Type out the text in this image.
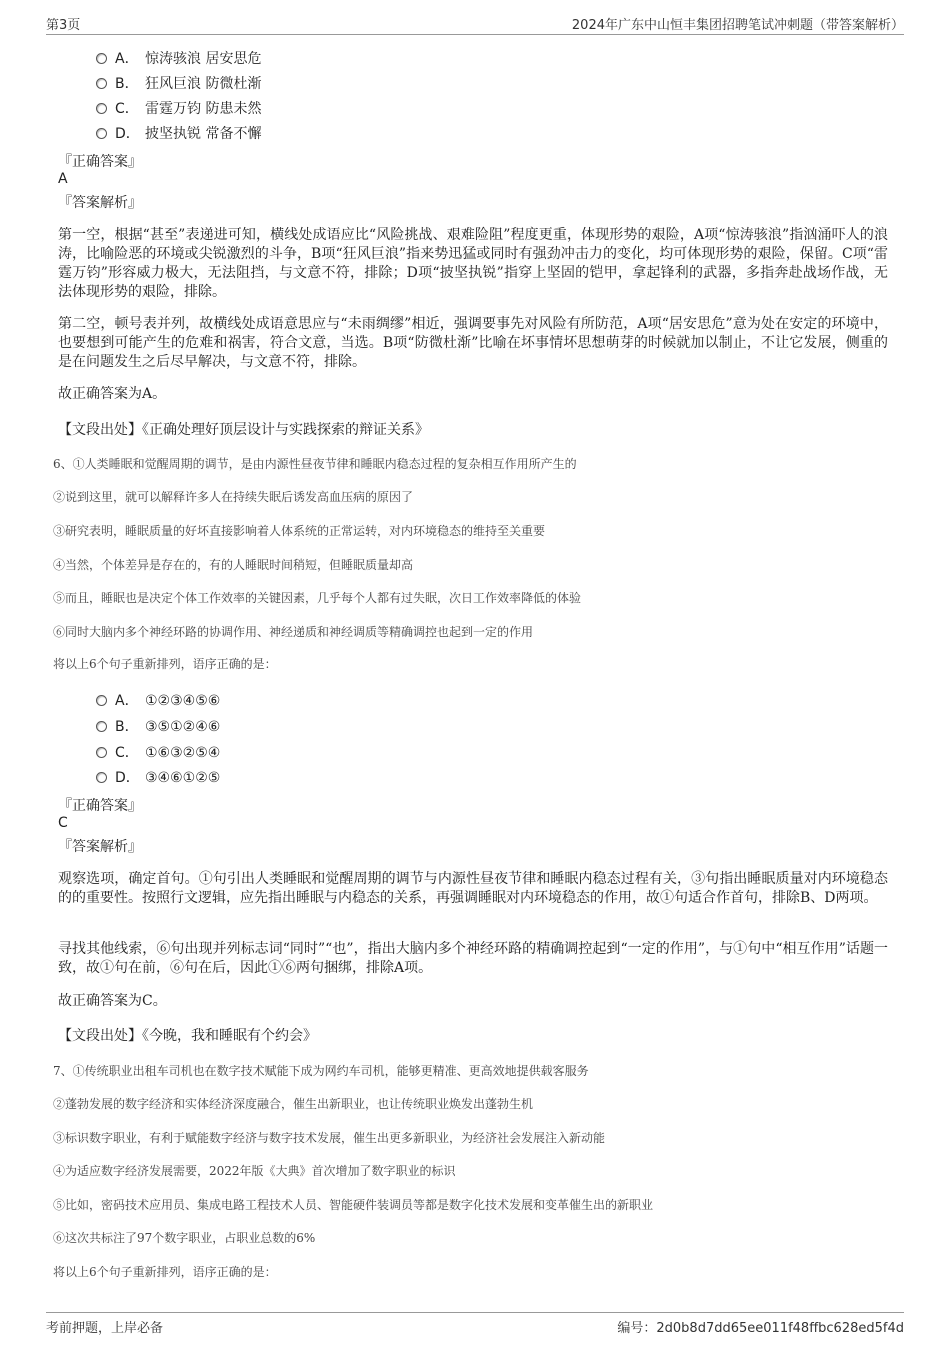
第3页	2024年广东中山恒丰集团招聘笔试冲刺题（带答案解析）
A． 惊涛骇浪 居安思危
B． 狂风巨浪 防微杜渐
C． 雷霆万钧 防患未然
D． 披坚执锐 常备不懈
『正确答案』
A
『答案解析』
第一空，根据“甚至”表递进可知，横线处成语应比“风险挑战、艰难险阻”程度更重，体现形势的艰险，A项“惊涛骇浪”指汹涌吓人的浪涛，比喻险恶的环境或尖锐激烈的斗争，B项“狂风巨浪”指来势迅猛或同时有强劲冲击力的变化，均可体现形势的艰险，保留。C项“雷霆万钧”形容威力极大，无法阻挡，与文意不符，排除；D项“披坚执锐”指穿上坚固的铠甲，拿起锋利的武器，多指奔赴战场作战，无法体现形势的艰险，排除。
第二空，顿号表并列，故横线处成语意思应与“未雨绸缪”相近，强调要事先对风险有所防范，A项“居安思危”意为处在安定的环境中，也要想到可能产生的危难和祸害，符合文意，当选。B项“防微杜渐”比喻在坏事情坏思想萌芽的时候就加以制止，不让它发展，侧重的是在问题发生之后尽早解决，与文意不符，排除。
故正确答案为A。
【文段出处】《正确处理好顶层设计与实践探索的辩证关系》
6、①人类睡眠和觉醒周期的调节，是由内源性昼夜节律和睡眠内稳态过程的复杂相互作用所产生的
②说到这里，就可以解释许多人在持续失眠后诱发高血压病的原因了
③研究表明，睡眠质量的好坏直接影响着人体系统的正常运转，对内环境稳态的维持至关重要
④当然，个体差异是存在的，有的人睡眠时间稍短，但睡眠质量却高
⑤而且，睡眠也是决定个体工作效率的关键因素，几乎每个人都有过失眠，次日工作效率降低的体验
⑥同时大脑内多个神经环路的协调作用、神经递质和神经调质等精确调控也起到一定的作用
将以上6个句子重新排列，语序正确的是：
A． ①②③④⑤⑥
B． ③⑤①②④⑥
C． ①⑥③②⑤④
D． ③④⑥①②⑤
『正确答案』
C
『答案解析』
观察选项，确定首句。①句引出人类睡眠和觉醒周期的调节与内源性昼夜节律和睡眠内稳态过程有关，③句指出睡眠质量对内环境稳态的的重要性。按照行文逻辑，应先指出睡眠与内稳态的关系，再强调睡眠对内环境稳态的作用，故①句适合作首句，排除B、D两项。
寻找其他线索，⑥句出现并列标志词“同时”“也”，指出大脑内多个神经环路的精确调控起到“一定的作用”，与①句中“相互作用”话题一致，故①句在前，⑥句在后，因此①⑥两句捆绑，排除A项。
故正确答案为C。
【文段出处】《今晚，我和睡眠有个约会》
7、①传统职业出租车司机也在数字技术赋能下成为网约车司机，能够更精准、更高效地提供载客服务
②蓬勃发展的数字经济和实体经济深度融合，催生出新职业，也让传统职业焕发出蓬勃生机
③标识数字职业，有利于赋能数字经济与数字技术发展，催生出更多新职业，为经济社会发展注入新动能
④为适应数字经济发展需要，2022年版《大典》首次增加了数字职业的标识
⑤比如，密码技术应用员、集成电路工程技术人员、智能硬件装调员等都是数字化技术发展和变革催生出的新职业
⑥这次共标注了97个数字职业，占职业总数的6%
将以上6个句子重新排列，语序正确的是：
考前押题，上岸必备	编号：2d0b8d7dd65ee011f48ffbc628ed5f4d
